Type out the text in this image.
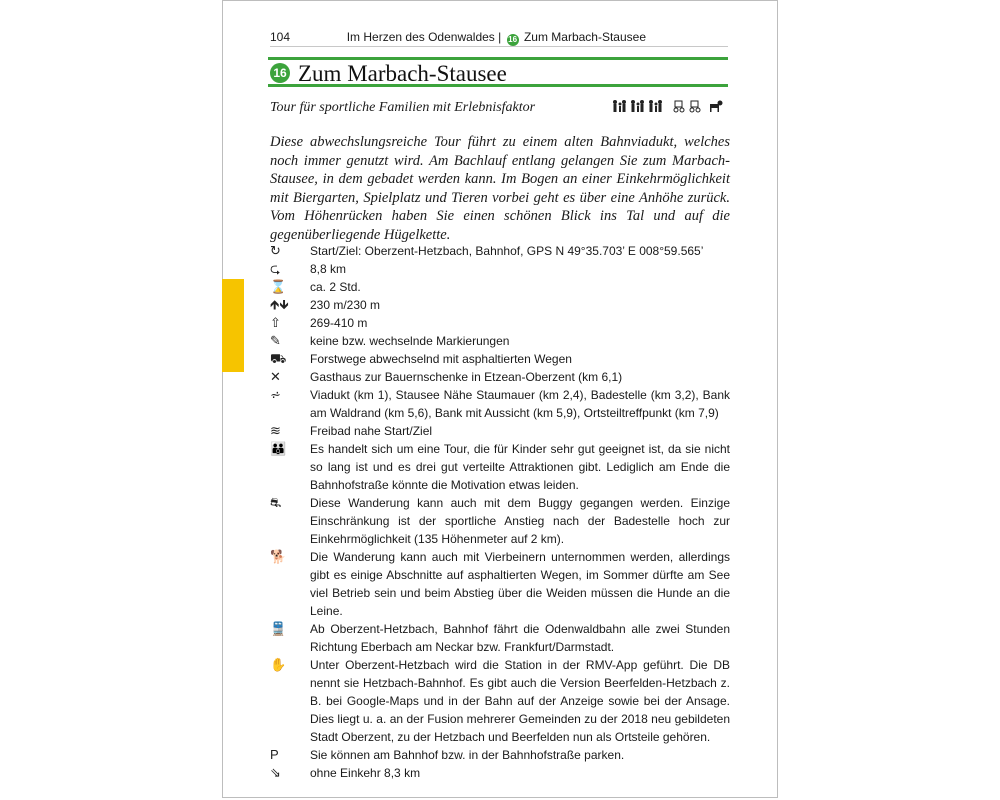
104	Im Herzen des Odenwaldes | 16 Zum Marbach-Stausee
16 Zum Marbach-Stausee
Tour für sportliche Familien mit Erlebnisfaktor
Diese abwechslungsreiche Tour führt zu einem alten Bahnviadukt, welches noch immer genutzt wird. Am Bachlauf entlang gelangen Sie zum Marbach-Stausee, in dem gebadet werden kann. Im Bogen an einer Einkehrmöglichkeit mit Biergarten, Spielplatz und Tieren vorbei geht es über eine Anhöhe zurück. Vom Höhenrücken haben Sie einen schönen Blick ins Tal und auf die gegenüberliegende Hügelkette.
↻	Start/Ziel: Oberzent-Hetzbach, Bahnhof, GPS N 49°35.703’ E 008°59.565’
⮎	8,8 km
⌛	ca. 2 Std.
🡹🡻	230 m/230 m
⇧	269-410 m
✎	keine bzw. wechselnde Markierungen
⛟	Forstwege abwechselnd mit asphaltierten Wegen
✕	Gasthaus zur Bauernschenke in Etzean-Oberzent (km 6,1)
⩫	Viadukt (km 1), Stausee Nähe Staumauer (km 2,4), Badestelle (km 3,2), Bank am Waldrand (km 5,6), Bank mit Aussicht (km 5,9), Ortsteiltreffpunkt (km 7,9)
≋	Freibad nahe Start/Ziel
👪	Es handelt sich um eine Tour, die für Kinder sehr gut geeignet ist, da sie nicht so lang ist und es drei gut verteilte Attraktionen gibt. Lediglich am Ende die Bahnhofstraße könnte die Motivation etwas leiden.
⛐	Diese Wanderung kann auch mit dem Buggy gegangen werden. Einzige Einschränkung ist der sportliche Anstieg nach der Badestelle hoch zur Einkehrmöglichkeit (135 Höhenmeter auf 2 km).
🐕	Die Wanderung kann auch mit Vierbeinern unternommen werden, allerdings gibt es einige Abschnitte auf asphaltierten Wegen, im Sommer dürfte am See viel Betrieb sein und beim Abstieg über die Weiden müssen die Hunde an die Leine.
🚆	Ab Oberzent-Hetzbach, Bahnhof fährt die Odenwaldbahn alle zwei Stunden Richtung Eberbach am Neckar bzw. Frankfurt/Darmstadt.
✋	Unter Oberzent-Hetzbach wird die Station in der RMV-App geführt. Die DB nennt sie Hetzbach-Bahnhof. Es gibt auch die Version Beerfelden-Hetzbach z. B. bei Google-Maps und in der Bahn auf der Anzeige sowie bei der Ansage. Dies liegt u. a. an der Fusion mehrerer Gemeinden zu der 2018 neu gebildeten Stadt Oberzent, zu der Hetzbach und Beerfelden nun als Ortsteile gehören.
P	Sie können am Bahnhof bzw. in der Bahnhofstraße parken.
⇘	ohne Einkehr 8,3 km
